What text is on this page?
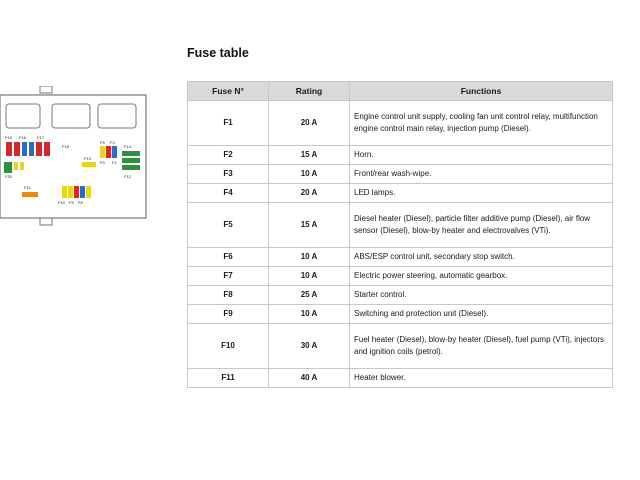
Fuse table
F15 F16	F17
F18
F20
F13
F11
F10 F9 F8
F5 F4
F3 F1
F14
F12
Fuse N°	Rating	Functions
F1	20 A	Engine control unit supply, cooling fan unit control relay, multifunction engine control main relay, injection pump (Diesel).
F2	15 A	Horn.
F3	10 A	Front/rear wash-wipe.
F4	20 A	LED lamps.
F5	15 A	Diesel heater (Diesel), particle filter additive pump (Diesel), air flow sensor (Diesel), blow-by heater and electrovalves (VTi).
F6	10 A	ABS/ESP control unit, secondary stop switch.
F7	10 A	Electric power steering, automatic gearbox.
F8	25 A	Starter control.
F9	10 A	Switching and protection unit (Diesel).
F10	30 A	Fuel heater (Diesel), blow-by heater (Diesel), fuel pump (VTi), injectors and ignition coils (petrol).
F11	40 A	Heater blower.
